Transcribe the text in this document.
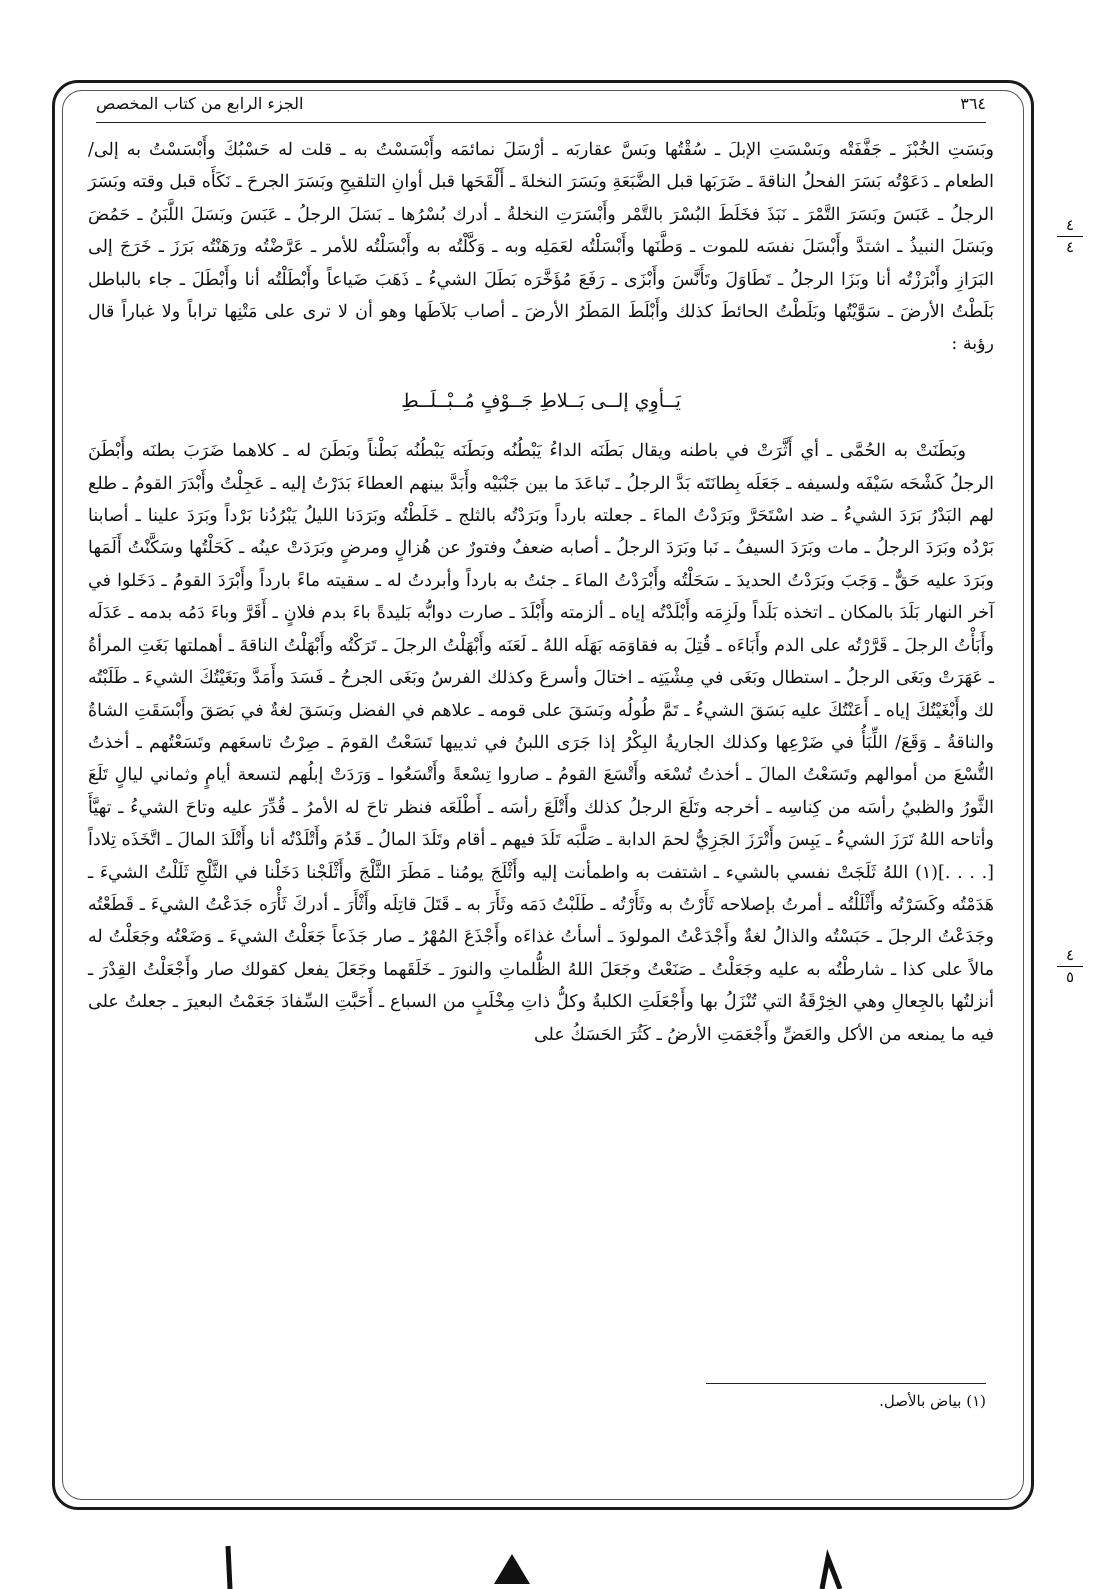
٣٦٤
الجزء الرابع من كتاب المخصص
٤
٤
٤
٥

وبَسَتِ الخُبْزَ ـ جَفَّفَتْه وبَسْسَتِ الإبلَ ـ سُقْتُها وبَسَّ عقاربَه ـ أرْسَلَ نمائمَه وأَبْسَسْتُ به ـ قلت له حَسْبُكَ وأَبْسَسْتُ به إلى/ الطعام ـ دَعَوْتُه بَسَرَ الفحلُ الناقةَ ـ ضَرَبَها قبل الضَّبَعَةِ وبَسَرَ النخلةَ ـ أَلْقَحَها قبل أوانِ التلقيحِ وبَسَرَ الجرحَ ـ نَكَأَه قبل وقته وبَسَرَ الرجلُ ـ عَبَسَ وبَسَرَ التَّمْرَ ـ نَبَذَ فخَلَطَ البُسْرَ بالتَّمْر وأَبْسَرَتِ النخلةُ ـ أدرك بُسْرُها ـ بَسَلَ الرجلُ ـ عَبَسَ وبَسَلَ اللَّبَنُ ـ حَمُضَ وبَسَلَ النبيذُ ـ اشتدَّ وأَبْسَلَ نفسَه للموت ـ وَطَّنَها وأَبْسَلْتُه لعَمَلِه وبه ـ وَكَّلْتُه به وأَبْسَلْتُه للأمر ـ عَرَّضْتُه ورَهَنْتُه بَرَزَ ـ خَرَجَ إلى البَرَازِ وأَبْرَزْتُه أنا وبَزَا الرجلُ ـ تَطَاوَلَ وتَأَنَّسَ وأَبْزَى ـ رَفَعَ مُؤَخَّرَه بَطَلَ الشيءُ ـ ذَهَبَ ضَياعاً وأَبْطَلْتُه أنا وأَبْطَلَ ـ جاء بالباطل بَلَطْتُ الأرضَ ـ سَوَّيْتُها وبَلَطْتُ الحائطَ كذلك وأَبْلَطَ المَطَرُ الأرضَ ـ أصاب بَلاَطَها وهو أن لا ترى على مَتْنِها تراباً ولا غباراً قال رؤبة :

يَــأوِي إلــى بَــلاطِ جَــوْفٍ مُــبْــلَــطِ

وبَطَنَتْ به الحُمَّى ـ أي أَثَّرَتْ في باطنه ويقال بَطَنَه الداءُ يَبْطُنُه وبَطَنَه يَبْطُنُه بَطْناً وبَطَنَ له ـ كلاهما ضَرَبَ بطنَه وأَبْطَنَ الرجلُ كَشْحَه سَيْفَه ولسيفه ـ جَعَلَه بِطانَتَه بَدَّ الرجلُ ـ تَباعَدَ ما بين جَنْبَيْه وأَبَدَّ بينهم العطاءَ بَدَرْتُ إليه ـ عَجِلْتُ وأَبْدَرَ القومُ ـ طلع لهم البَدْرُ بَرَدَ الشيءُ ـ ضد اسْتَحَرَّ وبَرَدْتُ الماءَ ـ جعلته بارداً وبَرَدْتُه بالثلج ـ خَلَطْتُه وبَرَدَنا الليلُ يَبْرُدُنا بَرْداً وبَرَدَ علينا ـ أصابنا بَرْدُه وبَرَدَ الرجلُ ـ مات وبَرَدَ السيفُ ـ نَبا وبَرَدَ الرجلُ ـ أصابه ضعفٌ وفتورٌ عن هُزالٍ ومرضٍ وبَرَدَتْ عينُه ـ كَحَلْتُها وسَكَّنْتُ أَلَمَها وبَرَدَ عليه حَقٌّ ـ وَجَبَ وبَرَدْتُ الحديدَ ـ سَحَلْتُه وأَبْرَدْتُ الماءَ ـ جئتُ به بارداً وأبردتُ له ـ سقيته ماءً بارداً وأَبْرَدَ القومُ ـ دَخَلوا في آخر النهار بَلَدَ بالمكان ـ اتخذه بَلَداً ولَزِمَه وأَبْلَدْتُه إياه ـ ألزمته وأَبْلَدَ ـ صارت دوابُّه بَليدةً باءَ بدم فلانٍ ـ أَقَرَّ وباءَ دَمُه بدمه ـ عَدَلَه وأَبَأْتُ الرجلَ ـ قَرَّرْتُه على الدم وأَبَاءَه ـ قُتِلَ به فقاوَمَه بَهَلَه اللهُ ـ لَعَنَه وأَبْهَلْتُ الرجلَ ـ تَرَكْتُه وأَبْهَلْتُ الناقةَ ـ أهملتها بَغَتِ المرأةُ ـ عَهَرَتْ وبَغَى الرجلُ ـ استطال وبَغَى في مِشْيَتِه ـ اختالَ وأسرعَ وكذلك الفرسُ وبَغَى الجرحُ ـ فَسَدَ وأَمَدَّ وبَغَيْتُكَ الشيءَ ـ طَلَبْتُه لك وأَبْغَيْتُكَ إياه ـ أَعَنْتُكَ عليه بَسَقَ الشيءُ ـ تَمَّ طُولُه وبَسَقَ على قومه ـ علاهم في الفضل وبَسَقَ لغةٌ في بَصَقَ وأَبْسَقَتِ الشاةُ والناقةُ ـ وَقَعَ/ اللِّبَأُ في ضَرْعِها وكذلك الجاريةُ البِكْرُ إذا جَرَى اللبنُ في ثدييها تَسَعْتُ القومَ ـ صِرْتُ تاسعَهم وتَسَعْتُهم ـ أخذتُ التُّسْعَ من أموالهم وتَسَعْتُ المالَ ـ أخذتُ تُسْعَه وأَتْسَعَ القومُ ـ صاروا تِسْعةً وأَتْسَعُوا ـ وَرَدَتْ إبلُهم لتسعة أيامٍ وثماني ليالٍ تَلَعَ الثَّورُ والظبيُ رأسَه من كِناسِه ـ أخرجه وتَلَعَ الرجلُ كذلك وأَتْلَعَ رأسَه ـ أَطْلَعَه فنظر تاحَ له الأمرُ ـ قُدِّرَ عليه وتاحَ الشيءُ ـ تهيَّأَ وأتاحه اللهُ تَرَزَ الشيءُ ـ يَبِسَ وأَتْرَزَ الجَزِيُّ لحمَ الدابة ـ صَلَّبَه تَلَدَ فيهم ـ أقام وتَلَدَ المالُ ـ قَدُمَ وأَتْلَدْتُه أنا وأَتْلَدَ المالَ ـ اتَّخَذَه تِلاداً [. . . .](١) اللهُ ثَلَجَتْ نفسي بالشيء ـ اشتفت به واطمأنت إليه وأَثْلَجَ يومُنا ـ مَطَرَ الثَّلْجَ وأَثْلَجْنا دَخَلْنا في الثَّلْجِ ثَلَلْتُ الشيءَ ـ هَدَمْتُه وكَسَرْتُه وأَثْلَلْتُه ـ أمرتُ بإصلاحه ثَأَرْتُ به وثَأَرْتُه ـ طَلَبْتُ دَمَه وثَأَرَ به ـ قَتَلَ قاتِلَه وأَثْأَرَ ـ أدركَ ثَأْرَه جَدَعْتُ الشيءَ ـ قَطَعْتُه وجَدَعْتُ الرجلَ ـ حَبَسْتُه والذالُ لغةٌ وأَجْدَعْتُ المولودَ ـ أسأتُ غذاءَه وأَجْذَعَ المُهْرُ ـ صار جَذَعاً جَعَلْتُ الشيءَ ـ وَضَعْتُه وجَعَلْتُ له مالاً على كذا ـ شارطْتُه به عليه وجَعَلْتُ ـ صَنَعْتُ وجَعَلَ اللهُ الظُّلماتِ والنورَ ـ خَلَقَهما وجَعَلَ يفعل كقولك صار وأَجْعَلْتُ القِدْرَ ـ أنزلتُها بالجِعالِ وهي الخِرْقَةُ التي تُنْزَلُ بها وأَجْعَلَتِ الكلبةُ وكلُّ ذاتِ مِخْلَبٍ من السباع ـ أَحَبَّتِ السِّفادَ جَعَمْتُ البعيرَ ـ جعلتُ على فيه ما يمنعه من الأكل والعَضِّ وأَجْعَمَتِ الأرضُ ـ كَثُرَ الحَسَكُ على

(١) بياض بالأصل.
